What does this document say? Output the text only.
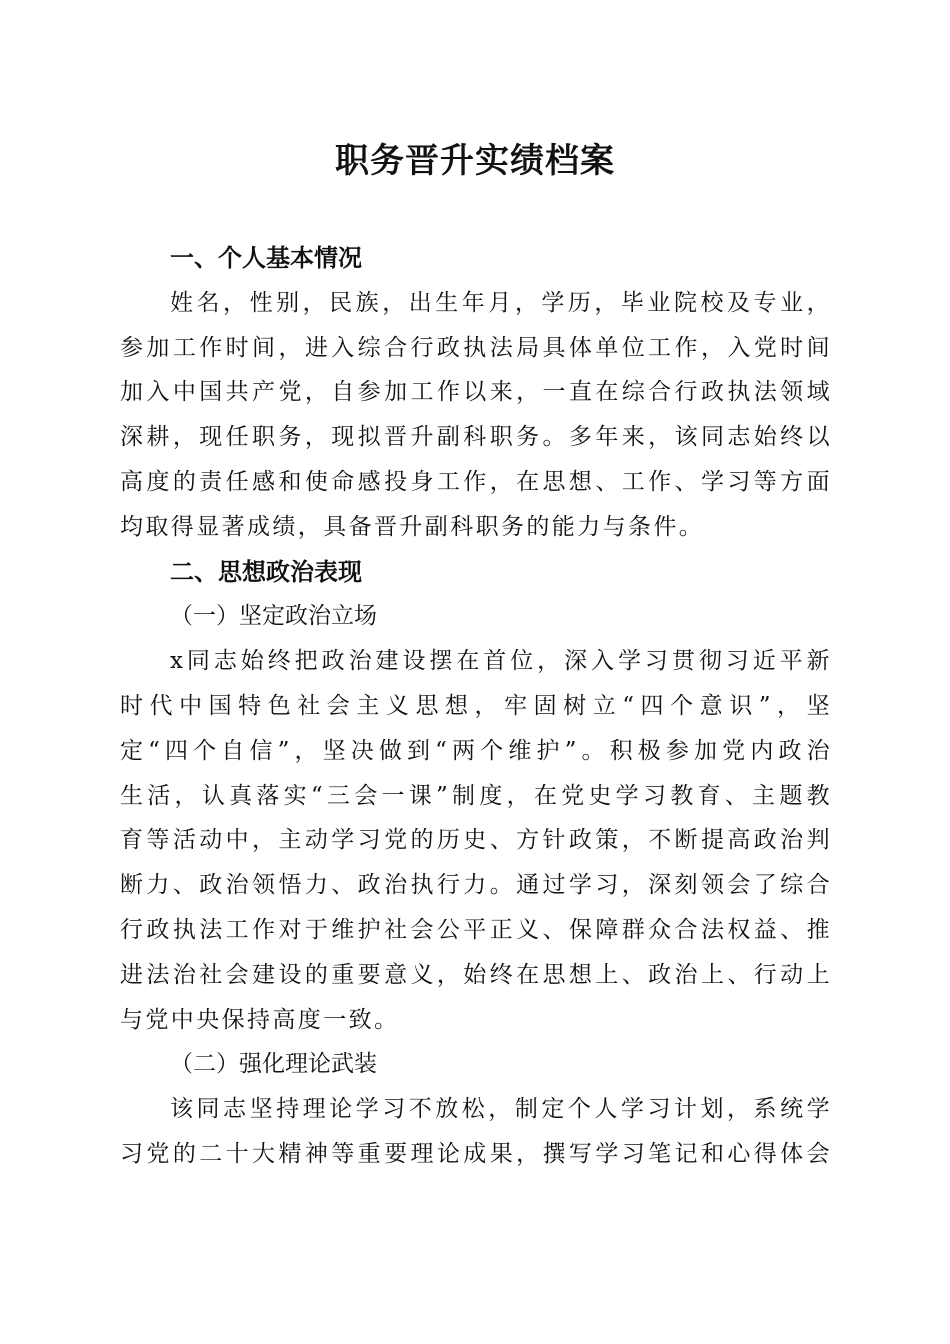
职务晋升实绩档案
一、个人基本情况
姓名，性别，民族，出生年月，学历，毕业院校及专业，
参加工作时间，进入综合行政执法局具体单位工作，入党时间
加入中国共产党，自参加工作以来，一直在综合行政执法领域
深耕，现任职务，现拟晋升副科职务。多年来，该同志始终以
高度的责任感和使命感投身工作，在思想、工作、学习等方面
均取得显著成绩，具备晋升副科职务的能力与条件。
二、思想政治表现
（一）坚定政治立场
x同志始终把政治建设摆在首位，深入学习贯彻习近平新
时代中国特色社会主义思想，牢固树立“四个意识”，坚
定“四个自信”，坚决做到“两个维护”。积极参加党内政治
生活，认真落实“三会一课”制度，在党史学习教育、主题教
育等活动中，主动学习党的历史、方针政策，不断提高政治判
断力、政治领悟力、政治执行力。通过学习，深刻领会了综合
行政执法工作对于维护社会公平正义、保障群众合法权益、推
进法治社会建设的重要意义，始终在思想上、政治上、行动上
与党中央保持高度一致。
（二）强化理论武装
该同志坚持理论学习不放松，制定个人学习计划，系统学
习党的二十大精神等重要理论成果，撰写学习笔记和心得体会
